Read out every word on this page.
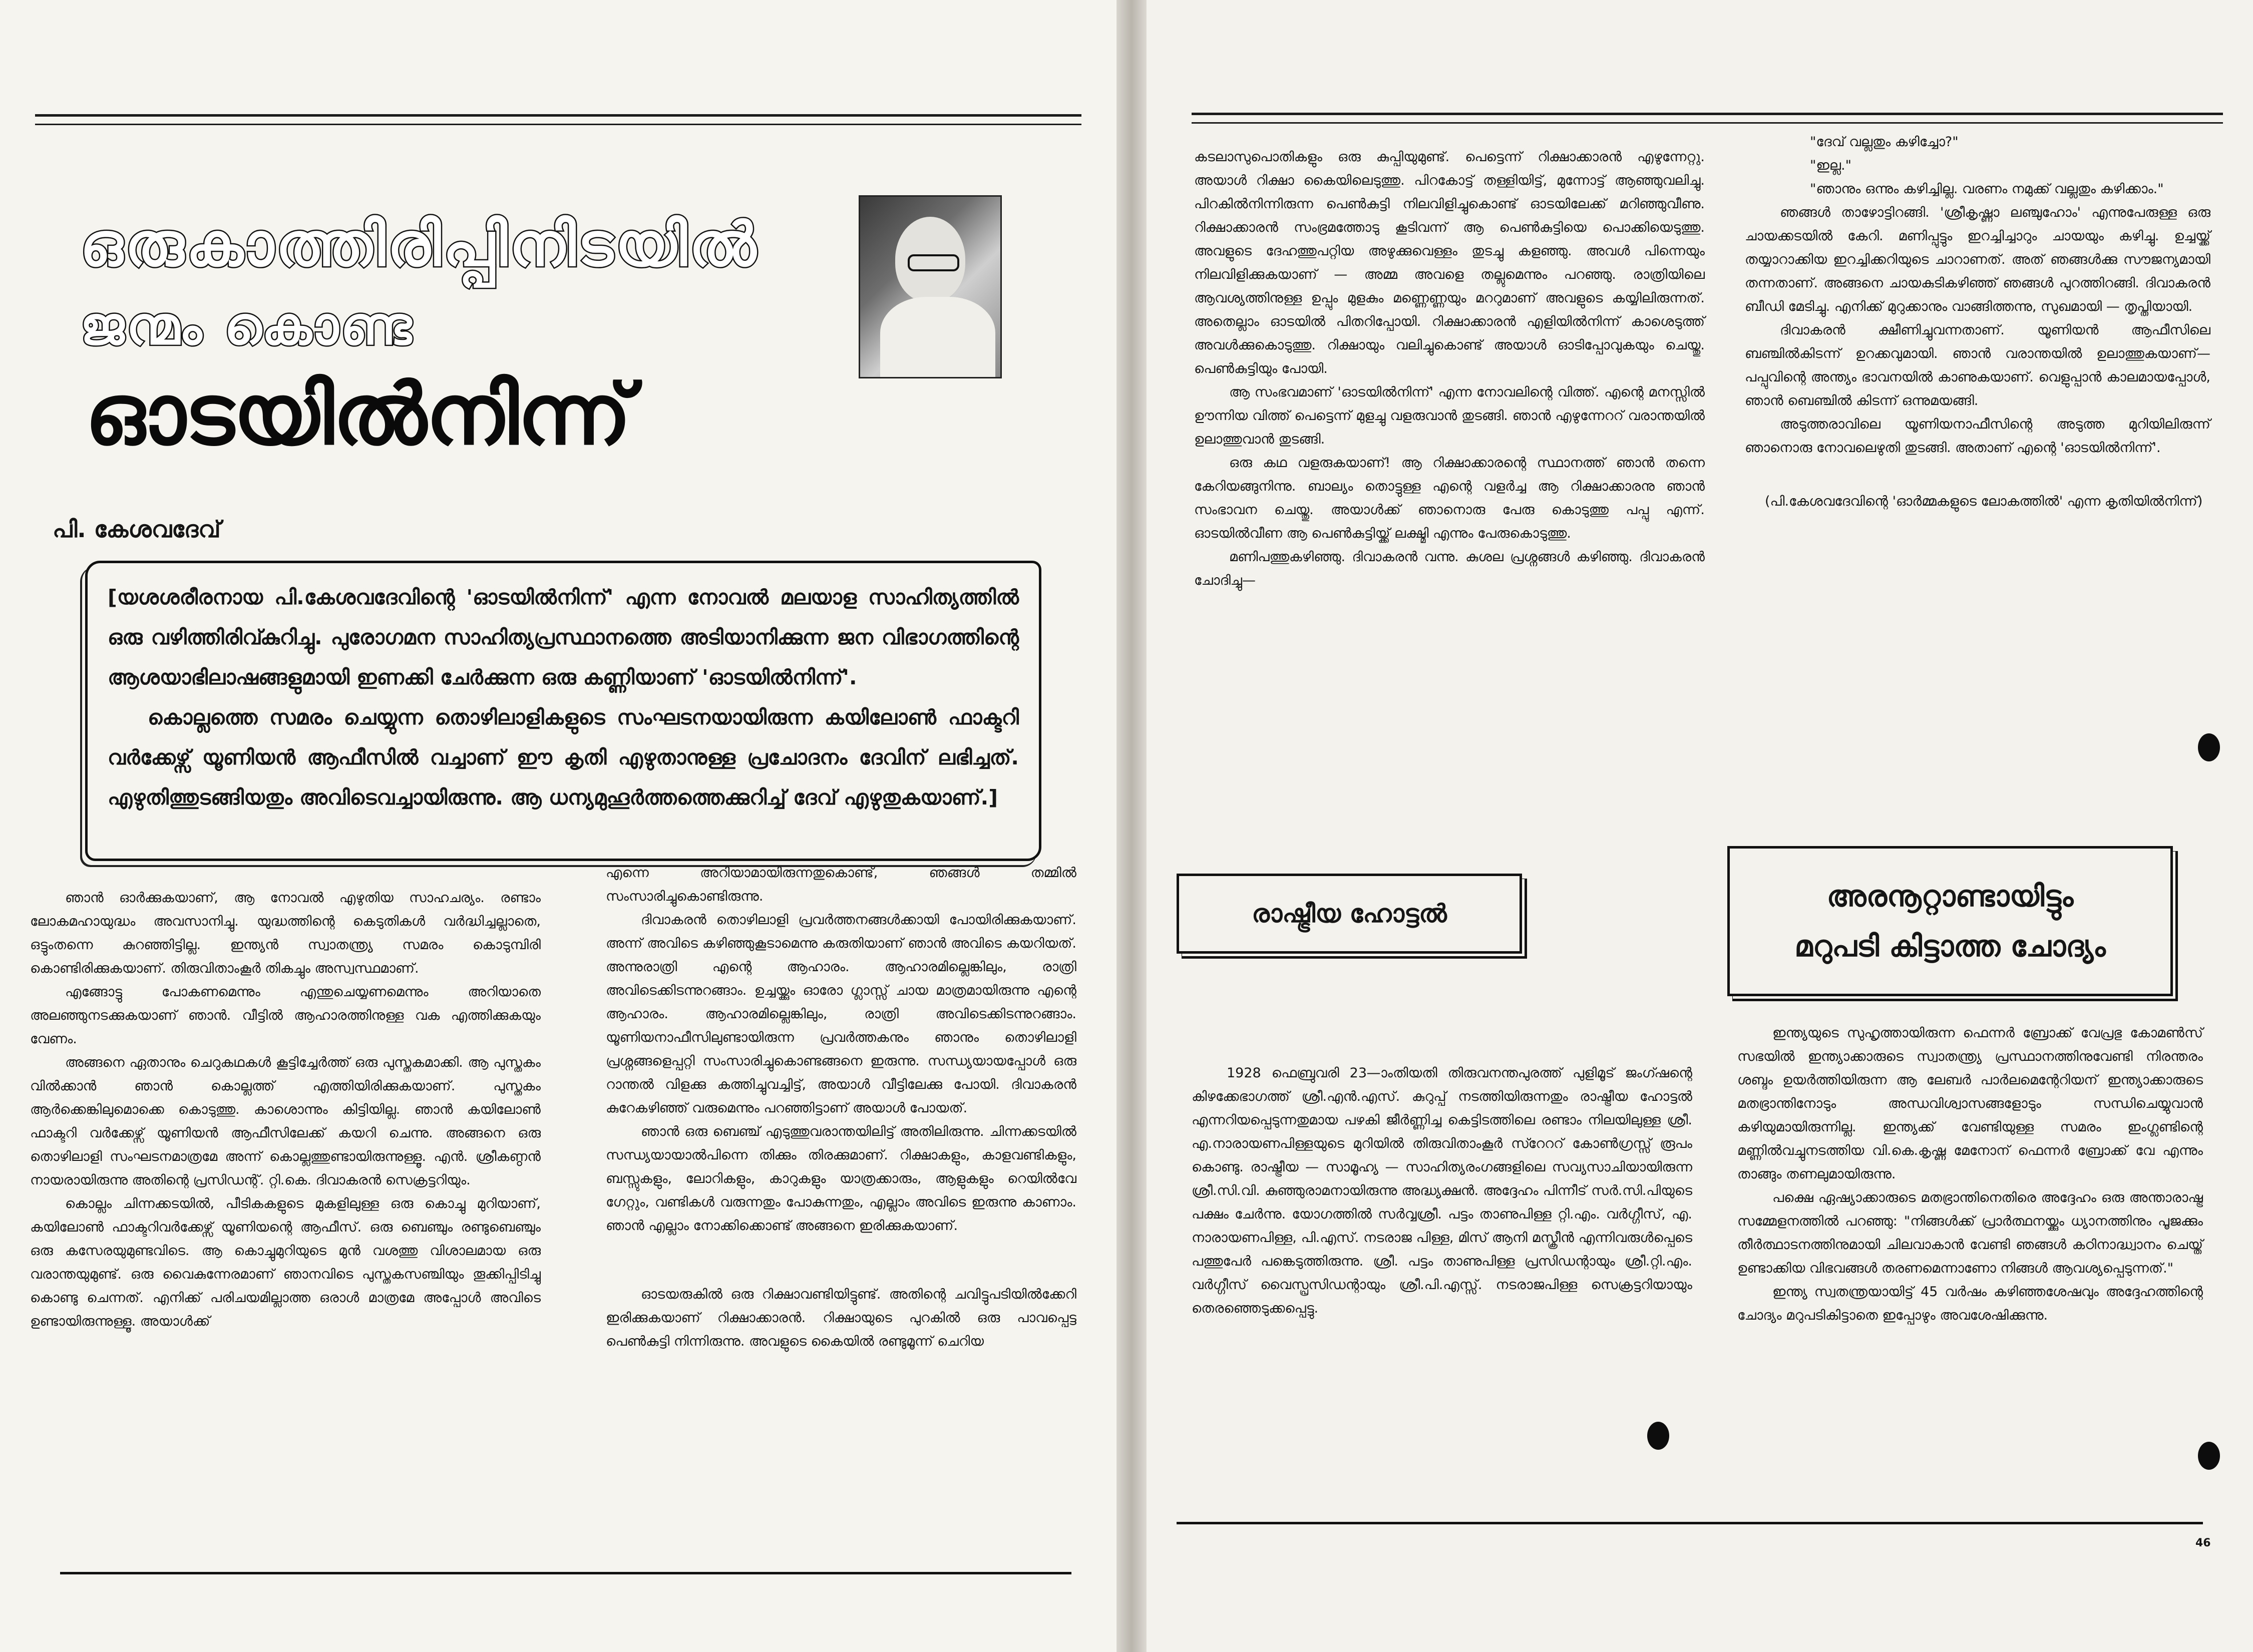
ഒരുകാത്തിരിപ്പിനിടയിൽ
ജന്മം കൊണ്ട
ഓടയിൽനിന്ന്
പി. കേശവദേവ്

[യശശരീരനായ പി.കേശവദേവിന്റെ 'ഓടയിൽനിന്ന്' എന്ന നോവൽ മലയാള സാഹിത്യത്തിൽ ഒരു വഴിത്തിരിവ്കുറിച്ചു. പുരോഗമന സാഹിത്യപ്രസ്ഥാനത്തെ അടിയാനിക്കുന്ന ജന വിഭാഗത്തിന്റെ ആശയാഭിലാഷങ്ങളുമായി ഇണക്കി ചേർക്കുന്ന ഒരു കണ്ണിയാണ് 'ഓടയിൽനിന്ന്'.

കൊല്ലത്തെ സമരം ചെയ്യുന്ന തൊഴിലാളികളുടെ സംഘടനയായിരുന്ന കയിലോൺ ഫാക്ടറി വർക്കേഴ്സ് യൂണിയൻ ആഫീസിൽ വച്ചാണ് ഈ കൃതി എഴുതാനുള്ള പ്രചോദനം ദേവിന് ലഭിച്ചത്. എഴുതിത്തുടങ്ങിയതും അവിടെവച്ചായിരുന്നു. ആ ധന്യമുഹൂർത്തത്തെക്കുറിച്ച് ദേവ് എഴുതുകയാണ്.]

ഞാൻ ഓർക്കുകയാണ്, ആ നോവൽ എഴുതിയ സാഹചര്യം. രണ്ടാം ലോകമഹായുദ്ധം അവസാനിച്ചു. യുദ്ധത്തിന്റെ കെടുതികൾ വർദ്ധിച്ചല്ലാതെ, ഒട്ടുംതന്നെ കുറഞ്ഞിട്ടില്ല. ഇന്ത്യൻ സ്വാതന്ത്ര്യ സമരം കൊടുമ്പിരി കൊണ്ടിരിക്കുകയാണ്. തിരുവിതാംകൂർ തികച്ചും അസ്വസ്ഥമാണ്.

എങ്ങോട്ടു പോകണമെന്നും എന്തുചെയ്യണമെന്നും അറിയാതെ അലഞ്ഞുനടക്കുകയാണ് ഞാൻ. വീട്ടിൽ ആഹാരത്തിനുള്ള വക എത്തിക്കുകയും വേണം.

അങ്ങനെ ഏതാനും ചെറുകഥകൾ കൂട്ടിച്ചേർത്ത് ഒരു പുസ്തകമാക്കി. ആ പുസ്തകം വിൽക്കാൻ ഞാൻ കൊല്ലത്ത് എത്തിയിരിക്കുകയാണ്. പുസ്തകം ആർക്കെങ്കിലുമൊക്കെ കൊടുത്തു. കാശൊന്നും കിട്ടിയില്ല. ഞാൻ കയിലോൺ ഫാക്ടറി വർക്കേഴ്സ് യൂണിയൻ ആഫീസിലേക്ക് കയറി ചെന്നു. അങ്ങനെ ഒരു തൊഴിലാളി സംഘടനമാത്രമേ അന്ന് കൊല്ലത്തുണ്ടായിരുന്നുള്ളൂ. എൻ. ശ്രീകണ്ഠൻ നായരായിരുന്നു അതിന്റെ പ്രസിഡന്റ്. റ്റി.കെ. ദിവാകരൻ സെക്രട്ടറിയും.

കൊല്ലം ചിന്നക്കടയിൽ, പീടികകളുടെ മുകളിലുള്ള ഒരു കൊച്ചു മുറിയാണ്, കയിലോൺ ഫാക്ടറിവർക്കേഴ്സ് യൂണിയന്റെ ആഫീസ്. ഒരു ബെഞ്ചും രണ്ടുബെഞ്ചും ഒരു കസേരയുമുണ്ടവിടെ. ആ കൊച്ചുമുറിയുടെ മുൻ വശത്തു വിശാലമായ ഒരു വരാന്തയുമുണ്ട്. ഒരു വൈകുന്നേരമാണ് ഞാനവിടെ പുസ്തകസഞ്ചിയും തൂക്കിപ്പിടിച്ചു കൊണ്ടു ചെന്നത്. എനിക്ക് പരിചയമില്ലാത്ത ഒരാൾ മാത്രമേ അപ്പോൾ അവിടെ ഉണ്ടായിരുന്നുള്ളൂ. അയാൾക്ക്

എന്നെ അറിയാമായിരുന്നതുകൊണ്ട്, ഞങ്ങൾ തമ്മിൽ സംസാരിച്ചുകൊണ്ടിരുന്നു.

ദിവാകരൻ തൊഴിലാളി പ്രവർത്തനങ്ങൾക്കായി പോയിരിക്കുകയാണ്. അന്ന് അവിടെ കഴിഞ്ഞുകൂടാമെന്നു കരുതിയാണ് ഞാൻ അവിടെ കയറിയത്. അന്നുരാത്രി എന്റെ ആഹാരം. ആഹാരമില്ലെങ്കിലും, രാത്രി അവിടെക്കിടന്നുറങ്ങാം. ഉച്ചയ്ക്കും ഓരോ ഗ്ലാസ്സ് ചായ മാത്രമായിരുന്നു എന്റെ ആഹാരം. ആഹാരമില്ലെങ്കിലും, രാത്രി അവിടെക്കിടന്നുറങ്ങാം. യൂണിയനാഫീസിലുണ്ടായിരുന്ന പ്രവർത്തകനും ഞാനും തൊഴിലാളി പ്രശ്നങ്ങളെപ്പറ്റി സംസാരിച്ചുകൊണ്ടങ്ങനെ ഇരുന്നു. സന്ധ്യയായപ്പോൾ ഒരു റാന്തൽ വിളക്കു കത്തിച്ചുവച്ചിട്ട്, അയാൾ വീട്ടിലേക്കു പോയി. ദിവാകരൻ കുറേകഴിഞ്ഞ് വരുമെന്നും പറഞ്ഞിട്ടാണ് അയാൾ പോയത്.

ഞാൻ ഒരു ബെഞ്ച് എടുത്തുവരാന്തയിലിട്ട് അതിലിരുന്നു. ചിന്നക്കടയിൽ സന്ധ്യയായാൽപിന്നെ തിക്കും തിരക്കുമാണ്. റിക്ഷാകളും, കാളവണ്ടികളും, ബസ്സുകളും, ലോറികളും, കാറുകളും യാത്രക്കാരും, ആളുകളും റെയിൽവേ ഗേറ്റും, വണ്ടികൾ വരുന്നതും പോകുന്നതും, എല്ലാം അവിടെ ഇരുന്നു കാണാം. ഞാൻ എല്ലാം നോക്കിക്കൊണ്ട് അങ്ങനെ ഇരിക്കുകയാണ്.

ഓടയരുകിൽ ഒരു റിക്ഷാവണ്ടിയിട്ടുണ്ട്. അതിന്റെ ചവിട്ടുപടിയിൽക്കേറി ഇരിക്കുകയാണ് റിക്ഷാക്കാരൻ. റിക്ഷായുടെ പുറകിൽ ഒരു പാവപ്പെട്ട പെൺകുട്ടി നിന്നിരുന്നു. അവളുടെ കൈയിൽ രണ്ടുമൂന്ന് ചെറിയ

കടലാസുപൊതികളും ഒരു കുപ്പിയുമുണ്ട്. പെട്ടെന്ന് റിക്ഷാക്കാരൻ എഴുന്നേറ്റു. അയാൾ റിക്ഷാ കൈയിലെടുത്തു. പിറകോട്ട് തള്ളിയിട്ട്, മുന്നോട്ട് ആഞ്ഞുവലിച്ചു. പിറകിൽനിന്നിരുന്ന പെൺകുട്ടി നിലവിളിച്ചുകൊണ്ട് ഓടയിലേക്ക് മറിഞ്ഞുവീണു. റിക്ഷാക്കാരൻ സംഭ്രമത്തോടു കൂടിവന്ന് ആ പെൺകുട്ടിയെ പൊക്കിയെടുത്തു. അവളുടെ ദേഹത്തുപറ്റിയ അഴുക്കുവെള്ളം തുടച്ചു കളഞ്ഞു. അവൾ പിന്നെയും നിലവിളിക്കുകയാണ് — അമ്മ അവളെ തല്ലുമെന്നും പറഞ്ഞു. രാത്രിയിലെ ആവശ്യത്തിനുള്ള ഉപ്പും മുളകും മണ്ണെണ്ണയും മററുമാണ് അവളുടെ കയ്യിലിരുന്നത്. അതെല്ലാം ഓടയിൽ പിതറിപ്പോയി. റിക്ഷാക്കാരൻ എളിയിൽനിന്ന് കാശെടുത്ത് അവൾക്കുകൊടുത്തു. റിക്ഷായും വലിച്ചുകൊണ്ട് അയാൾ ഓടിപ്പോവുകയും ചെയ്തു. പെൺകുട്ടിയും പോയി.

ആ സംഭവമാണ് 'ഓടയിൽനിന്ന്' എന്ന നോവലിന്റെ വിത്ത്. എന്റെ മനസ്സിൽ ഊന്നിയ വിത്ത് പെട്ടെന്ന് മുളച്ചു വളരുവാൻ തുടങ്ങി. ഞാൻ എഴുന്നേററ് വരാന്തയിൽ ഉലാത്തുവാൻ തുടങ്ങി.

ഒരു കഥ വളരുകയാണ്! ആ റിക്ഷാക്കാരന്റെ സ്ഥാനത്ത് ഞാൻ തന്നെ കേറിയങ്ങുനിന്നു. ബാല്യം തൊട്ടുള്ള എന്റെ വളർച്ച ആ റിക്ഷാക്കാരനു ഞാൻ സംഭാവന ചെയ്തു. അയാൾക്ക് ഞാനൊരു പേരു കൊടുത്തു പപ്പു എന്ന്. ഓടയിൽവീണ ആ പെൺകുട്ടിയ്ക്ക് ലക്ഷ്മി എന്നും പേരുകൊടുത്തു.

മണിപത്തുകഴിഞ്ഞു. ദിവാകരൻ വന്നു. കുശല പ്രശ്നങ്ങൾ കഴിഞ്ഞു. ദിവാകരൻ ചോദിച്ചു—

"ദേവ് വല്ലതും കഴിച്ചോ?"

"ഇല്ല."

"ഞാനും ഒന്നും കഴിച്ചില്ല. വരണം നമുക്ക് വല്ലതും കഴിക്കാം."

ഞങ്ങൾ താഴോട്ടിറങ്ങി. 'ശ്രീകൃഷ്ണാ ലഞ്ചുഹോം' എന്നുപേരുള്ള ഒരു ചായക്കടയിൽ കേറി. മണിപ്പുട്ടും ഇറച്ചിച്ചാറും ചായയും കഴിച്ചു. ഉച്ചയ്ക്ക് തയ്യാറാക്കിയ ഇറച്ചിക്കറിയുടെ ചാറാണത്. അത് ഞങ്ങൾക്കു സൗജന്യമായി തന്നതാണ്. അങ്ങനെ ചായകുടികഴിഞ്ഞ് ഞങ്ങൾ പുറത്തിറങ്ങി. ദിവാകരൻ ബീഡി മേടിച്ചു. എനിക്ക് മുറുക്കാനും വാങ്ങിത്തന്നു, സുഖമായി — തൃപ്തിയായി.

ദിവാകരൻ ക്ഷീണിച്ചുവന്നതാണ്. യൂണിയൻ ആഫീസിലെ ബഞ്ചിൽകിടന്ന് ഉറക്കവുമായി. ഞാൻ വരാന്തയിൽ ഉലാത്തുകയാണ്— പപ്പുവിന്റെ അന്ത്യം ഭാവനയിൽ കാണുകയാണ്. വെളുപ്പാൻ കാലമായപ്പോൾ, ഞാൻ ബെഞ്ചിൽ കിടന്ന് ഒന്നുമയങ്ങി.

അടുത്തരാവിലെ യൂണിയനാഫീസിന്റെ അടുത്ത മുറിയിലിരുന്ന് ഞാനൊരു നോവലെഴുതി തുടങ്ങി. അതാണ് എന്റെ 'ഓടയിൽനിന്ന്'.

(പി.കേശവദേവിന്റെ 'ഓർമ്മകളുടെ ലോകത്തിൽ' എന്ന കൃതിയിൽനിന്ന്)

രാഷ്ട്രീയ ഹോട്ടൽ

1928 ഫെബ്രുവരി 23—ാംതിയതി തിരുവനന്തപുരത്ത് പുളിമൂട് ജംഗ്ഷന്റെ കിഴക്കേഭാഗത്ത് ശ്രീ.എൻ.എസ്. കുറുപ്പ് നടത്തിയിരുന്നതും രാഷ്ട്രീയ ഹോട്ടൽ എന്നറിയപ്പെടുന്നതുമായ പഴകി ജീർണ്ണിച്ച കെട്ടിടത്തിലെ രണ്ടാം നിലയിലുള്ള ശ്രീ. എ.നാരായണപിള്ളയുടെ മുറിയിൽ തിരുവിതാംകൂർ സ്റേററ് കോൺഗ്രസ്സ് രൂപം കൊണ്ടു. രാഷ്ട്രീയ — സാമൂഹ്യ — സാഹിത്യരംഗങ്ങളിലെ സവ്യസാചിയായിരുന്ന ശ്രീ.സി.വി. കുഞ്ഞുരാമനായിരുന്നു അദ്ധ്യക്ഷൻ. അദ്ദേഹം പിന്നീട് സർ.സി.പിയുടെ പക്ഷം ചേർന്നു. യോഗത്തിൽ സർവ്വശ്രീ. പട്ടം താണുപിള്ള റ്റി.എം. വർഗ്ഗീസ്, എ. നാരായണപിള്ള, പി.എസ്. നടരാജ പിള്ള, മിസ് ആനി മസ്ക്രീൻ എന്നിവരുൾപ്പെടെ പത്തുപേർ പങ്കെടുത്തിരുന്നു. ശ്രീ. പട്ടം താണുപിള്ള പ്രസിഡന്റായും ശ്രീ.റ്റി.എം. വർഗ്ഗീസ് വൈസ്പ്രസിഡന്റായും ശ്രീ.പി.എസ്സ്. നടരാജപിള്ള സെക്രട്ടറിയായും തെരഞ്ഞെടുക്കപ്പെട്ടു.

അരനൂറ്റാണ്ടായിട്ടും
മറുപടി കിട്ടാത്ത ചോദ്യം

ഇന്ത്യയുടെ സുഹൃത്തായിരുന്ന ഫെന്നർ ബ്രോക്ക് വേപ്രഭു കോമൺസ് സഭയിൽ ഇന്ത്യാക്കാരുടെ സ്വാതന്ത്ര്യ പ്രസ്ഥാനത്തിനുവേണ്ടി നിരന്തരം ശബ്ദം ഉയർത്തിയിരുന്ന ആ ലേബർ പാർലമെന്റേറിയന് ഇന്ത്യാക്കാരുടെ മതഭ്രാന്തിനോടും അന്ധവിശ്വാസങ്ങളോടും സന്ധിചെയ്യുവാൻ കഴിയുമായിരുന്നില്ല. ഇന്ത്യക്ക് വേണ്ടിയുള്ള സമരം ഇംഗ്ലണ്ടിന്റെ മണ്ണിൽവച്ചുനടത്തിയ വി.കെ.കൃഷ്ണ മേനോന് ഫെന്നർ ബ്രോക്ക് വേ എന്നും താങ്ങും തണലുമായിരുന്നു.

പക്ഷെ ഏഷ്യാക്കാരുടെ മതഭ്രാന്തിനെതിരെ അദ്ദേഹം ഒരു അന്താരാഷ്ട്ര സമ്മേളനത്തിൽ പറഞ്ഞു: "നിങ്ങൾക്ക് പ്രാർത്ഥനയ്ക്കും ധ്യാനത്തിനും പൂജക്കും തീർത്ഥാടനത്തിനുമായി ചിലവാകാൻ വേണ്ടി ഞങ്ങൾ കഠിനാദ്ധ്വാനം ചെയ്ത് ഉണ്ടാക്കിയ വിഭവങ്ങൾ തരണമെന്നാണോ നിങ്ങൾ ആവശ്യപ്പെടുന്നത്."

ഇന്ത്യ സ്വതന്ത്രയായിട്ട് 45 വർഷം കഴിഞ്ഞശേഷവും അദ്ദേഹത്തിന്റെ ചോദ്യം മറുപടികിട്ടാതെ ഇപ്പോഴും അവശേഷിക്കുന്നു.

46
